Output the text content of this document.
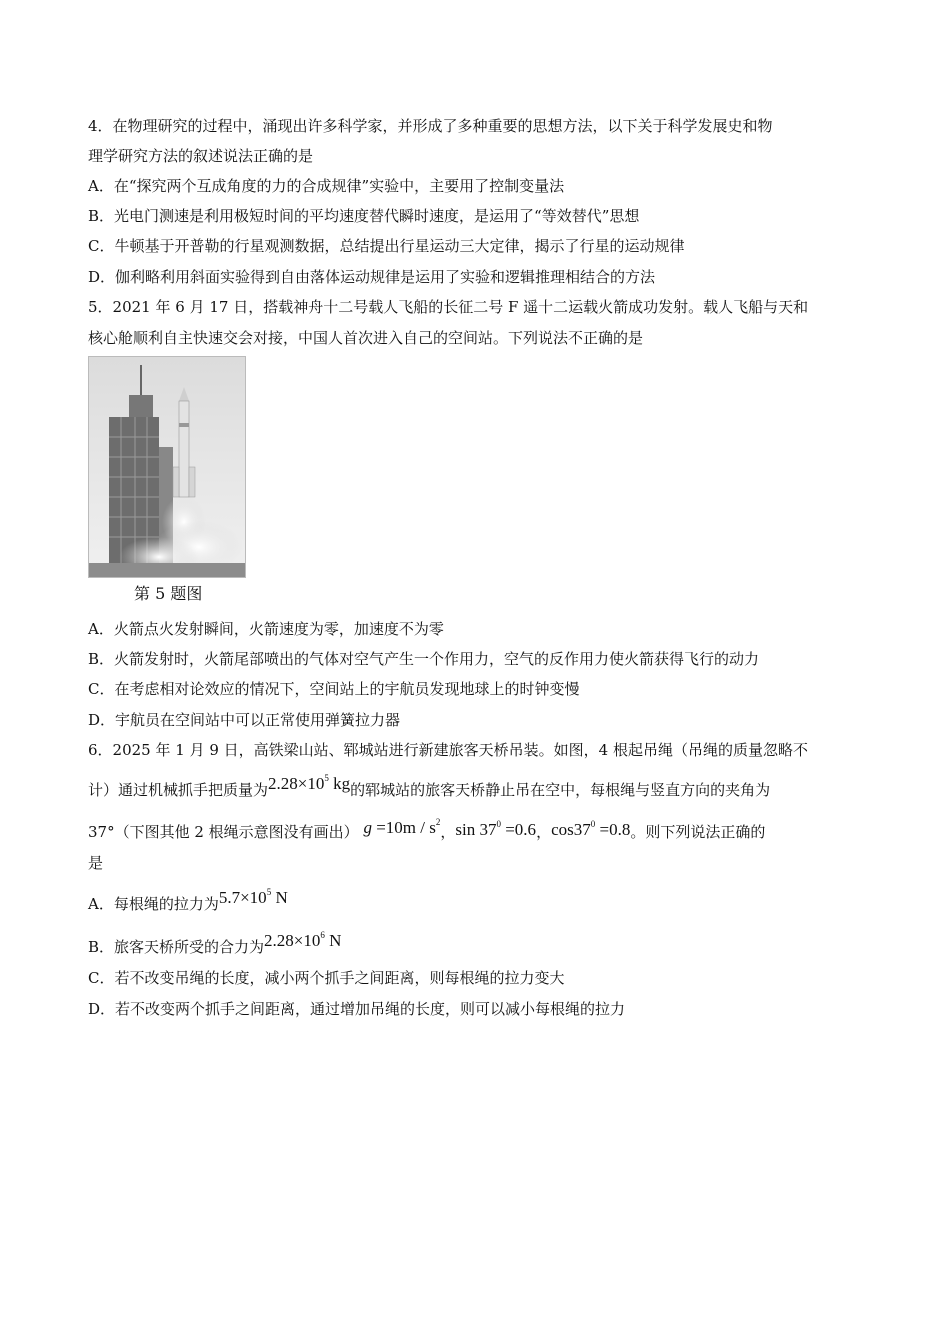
4．在物理研究的过程中，涌现出许多科学家，并形成了多种重要的思想方法，以下关于科学发展史和物
理学研究方法的叙述说法正确的是
A．在“探究两个互成角度的力的合成规律”实验中，主要用了控制变量法
B．光电门测速是利用极短时间的平均速度替代瞬时速度，是运用了“等效替代”思想
C．牛顿基于开普勒的行星观测数据，总结提出行星运动三大定律，揭示了行星的运动规律
D．伽利略利用斜面实验得到自由落体运动规律是运用了实验和逻辑推理相结合的方法
5．2021 年 6 月 17 日，搭载神舟十二号载人飞船的长征二号 F 遥十二运载火箭成功发射。载人飞船与天和
核心舱顺利自主快速交会对接，中国人首次进入自己的空间站。下列说法不正确的是
第 5 题图
A．火箭点火发射瞬间，火箭速度为零，加速度不为零
B．火箭发射时，火箭尾部喷出的气体对空气产生一个作用力，空气的反作用力使火箭获得飞行的动力
C．在考虑相对论效应的情况下，空间站上的宇航员发现地球上的时钟变慢
D．宇航员在空间站中可以正常使用弹簧拉力器
6．2025 年 1 月 9 日，高铁梁山站、郓城站进行新建旅客天桥吊装。如图，4 根起吊绳（吊绳的质量忽略不
计）通过机械抓手把质量为$2.28\times 10^5$ kg的郓城站的旅客天桥静止吊在空中，每根绳与竖直方向的夹角为
37°（下图其他 2 根绳示意图没有画出） $g =10m / s^2$，$\sin 37^0 =0.6$，$\cos 37^0 =0.8$。则下列说法正确的
是
A．每根绳的拉力为$5.7\times 10^5$ N
B．旅客天桥所受的合力为$2.28\times 10^6$ N
C．若不改变吊绳的长度，减小两个抓手之间距离，则每根绳的拉力变大
D．若不改变两个抓手之间距离，通过增加吊绳的长度，则可以减小每根绳的拉力
